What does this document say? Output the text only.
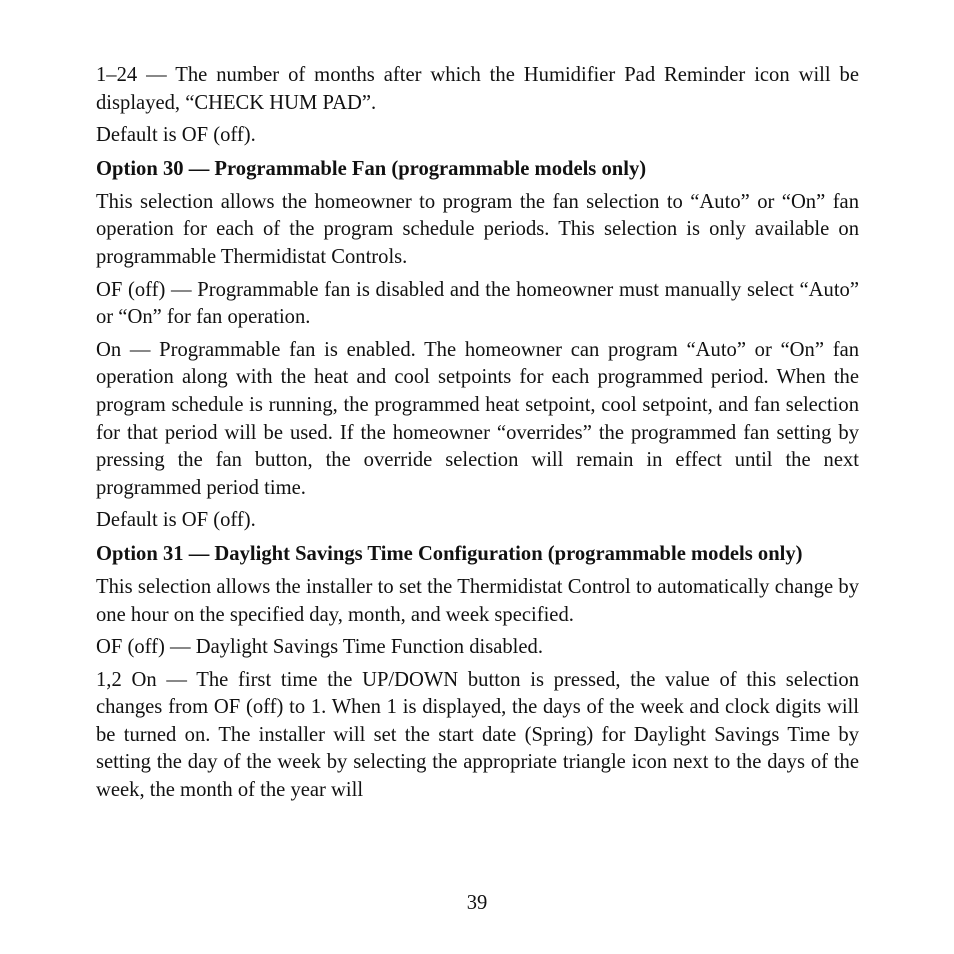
1–24 — The number of months after which the Humidifier Pad Reminder icon will be displayed, “CHECK HUM PAD”.

Default is OF (off).

Option 30 — Programmable Fan (programmable models only)

This selection allows the homeowner to program the fan selection to “Auto” or “On” fan operation for each of the program schedule periods. This selection is only available on programmable Thermidistat Controls.

OF (off) — Programmable fan is disabled and the homeowner must manually select “Auto” or “On” for fan operation.

On — Programmable fan is enabled. The homeowner can program “Auto” or “On” fan operation along with the heat and cool setpoints for each programmed period. When the program schedule is running, the programmed heat setpoint, cool setpoint, and fan selection for that period will be used. If the homeowner “overrides” the programmed fan setting by pressing the fan button, the override selection will remain in effect until the next programmed period time.

Default is OF (off).

Option 31 — Daylight Savings Time Configuration (programmable models only)

This selection allows the installer to set the Thermidistat Control to automatically change by one hour on the specified day, month, and week specified.

OF (off) — Daylight Savings Time Function disabled.

1,2 On — The first time the UP/DOWN button is pressed, the value of this selection changes from OF (off) to 1. When 1 is displayed, the days of the week and clock digits will be turned on. The installer will set the start date (Spring) for Daylight Savings Time by setting the day of the week by selecting the appropriate triangle icon next to the days of the week, the month of the year will

39
